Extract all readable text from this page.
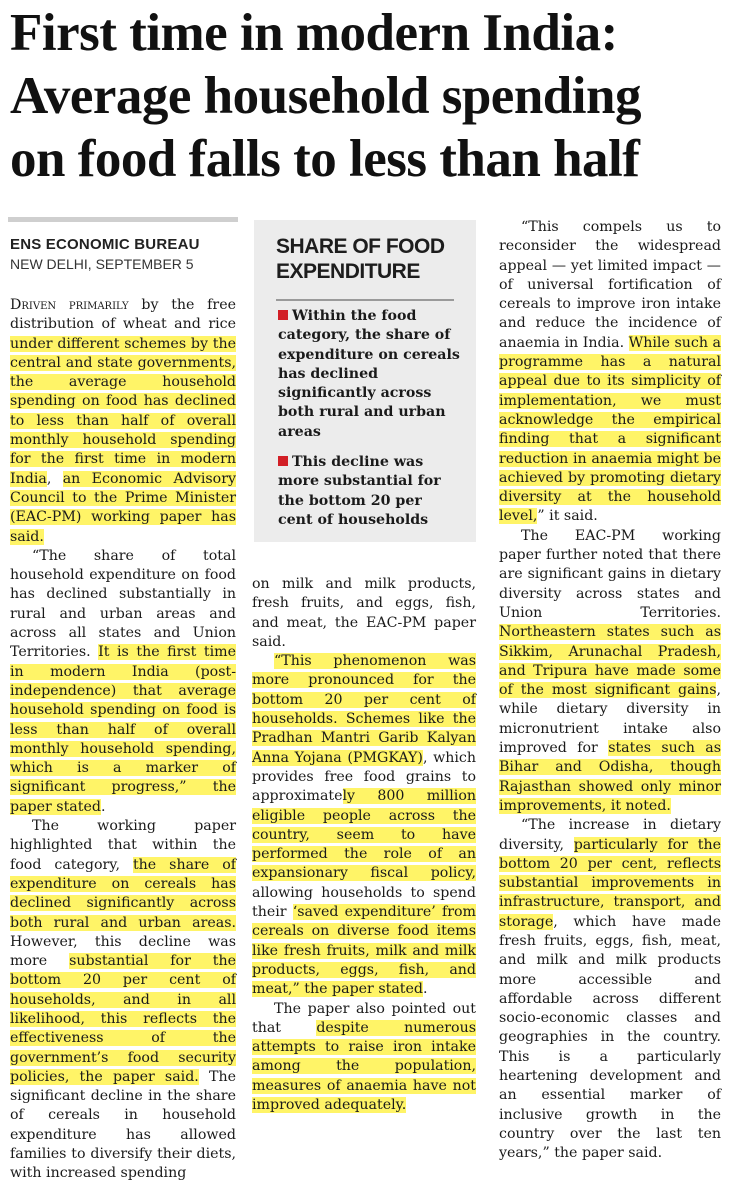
First time in modern India:
Average household spending
on food falls to less than half
ENS ECONOMIC BUREAU
NEW DELHI, SEPTEMBER 5

Driven primarily by the free distribution of wheat and rice under different schemes by the central and state governments, the average household spending on food has declined to less than half of overall monthly household spending for the first time in modern India, an Economic Advisory Council to the Prime Minister (EAC-PM) working paper has said.

“The share of total household expenditure on food has declined substantially in rural and urban areas and across all states and Union Territories. It is the first time in modern India (post-independence) that average household spending on food is less than half of overall monthly household spending, which is a marker of significant progress,” the paper stated.

The working paper highlighted that within the food category, the share of expenditure on cereals has declined significantly across both rural and urban areas. However, this decline was more substantial for the bottom 20 per cent of households, and in all likelihood, this reflects the effectiveness of the government’s food security policies, the paper said. The significant decline in the share of cereals in household expenditure has allowed families to diversify their diets, with increased spending

SHARE OF FOOD EXPENDITURE
Within the food category, the share of expenditure on cereals has declined significantly across both rural and urban areas
This decline was more substantial for the bottom 20 per cent of households

on milk and milk products, fresh fruits, and eggs, fish, and meat, the EAC-PM paper said.

“This phenomenon was more pronounced for the bottom 20 per cent of households. Schemes like the Pradhan Mantri Garib Kalyan Anna Yojana (PMGKAY), which provides free food grains to approximately 800 million eligible people across the country, seem to have performed the role of an expansionary fiscal policy, allowing households to spend their ‘saved expenditure’ from cereals on diverse food items like fresh fruits, milk and milk products, eggs, fish, and meat,” the paper stated.

The paper also pointed out that despite numerous attempts to raise iron intake among the population, measures of anaemia have not improved adequately.

“This compels us to reconsider the widespread appeal — yet limited impact — of universal fortification of cereals to improve iron intake and reduce the incidence of anaemia in India. While such a programme has a natural appeal due to its simplicity of implementation, we must acknowledge the empirical finding that a significant reduction in anaemia might be achieved by promoting dietary diversity at the household level,” it said.

The EAC-PM working paper further noted that there are significant gains in dietary diversity across states and Union Territories. Northeastern states such as Sikkim, Arunachal Pradesh, and Tripura have made some of the most significant gains, while dietary diversity in micronutrient intake also improved for states such as Bihar and Odisha, though Rajasthan showed only minor improvements, it noted.

“The increase in dietary diversity, particularly for the bottom 20 per cent, reflects substantial improvements in infrastructure, transport, and storage, which have made fresh fruits, eggs, fish, meat, and milk and milk products more accessible and affordable across different socio-economic classes and geographies in the country. This is a particularly heartening development and an essential marker of inclusive growth in the country over the last ten years,” the paper said.
